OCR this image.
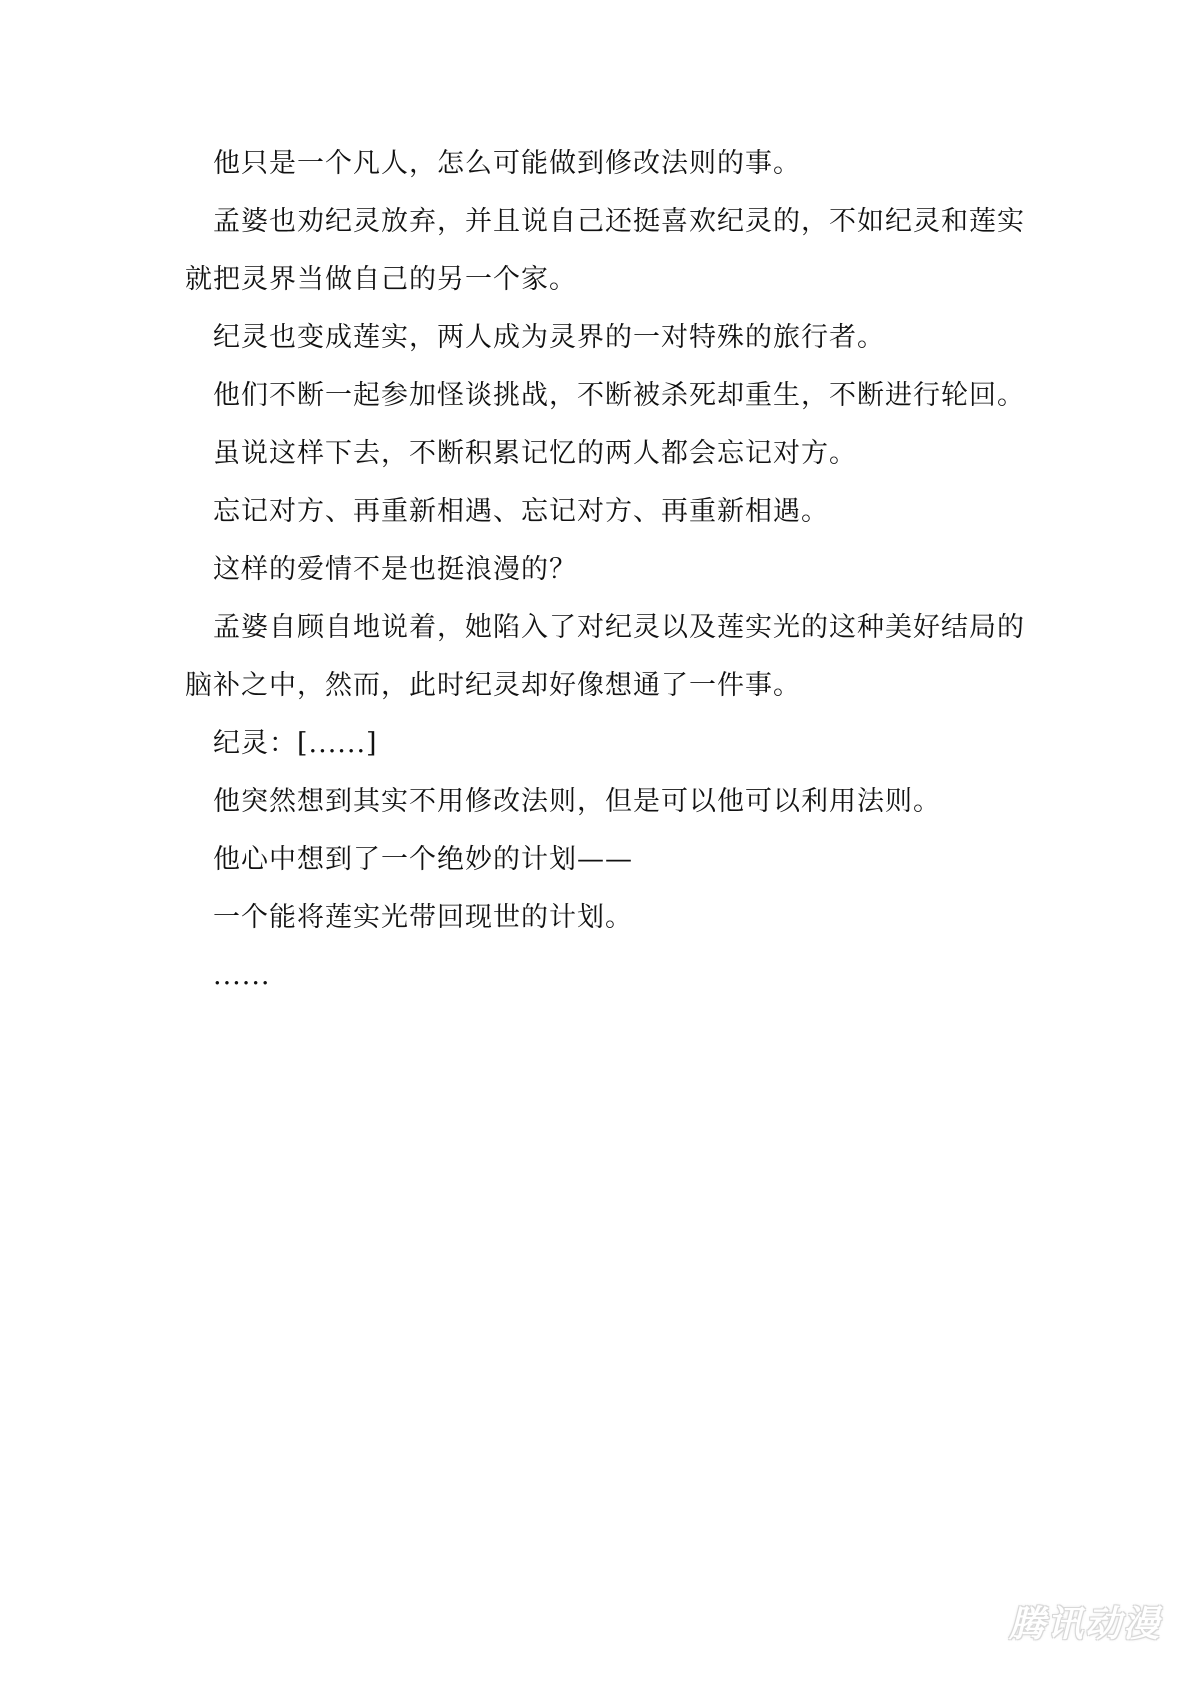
他只是一个凡人，怎么可能做到修改法则的事。

孟婆也劝纪灵放弃，并且说自己还挺喜欢纪灵的，不如纪灵和莲实

就把灵界当做自己的另一个家。

纪灵也变成莲实，两人成为灵界的一对特殊的旅行者。

他们不断一起参加怪谈挑战，不断被杀死却重生，不断进行轮回。

虽说这样下去，不断积累记忆的两人都会忘记对方。

忘记对方、再重新相遇、忘记对方、再重新相遇。

这样的爱情不是也挺浪漫的？

孟婆自顾自地说着，她陷入了对纪灵以及莲实光的这种美好结局的

脑补之中，然而，此时纪灵却好像想通了一件事。

纪灵：[......]

他突然想到其实不用修改法则，但是可以他可以利用法则。

他心中想到了一个绝妙的计划——

一个能将莲实光带回现世的计划。

......

腾讯动漫
